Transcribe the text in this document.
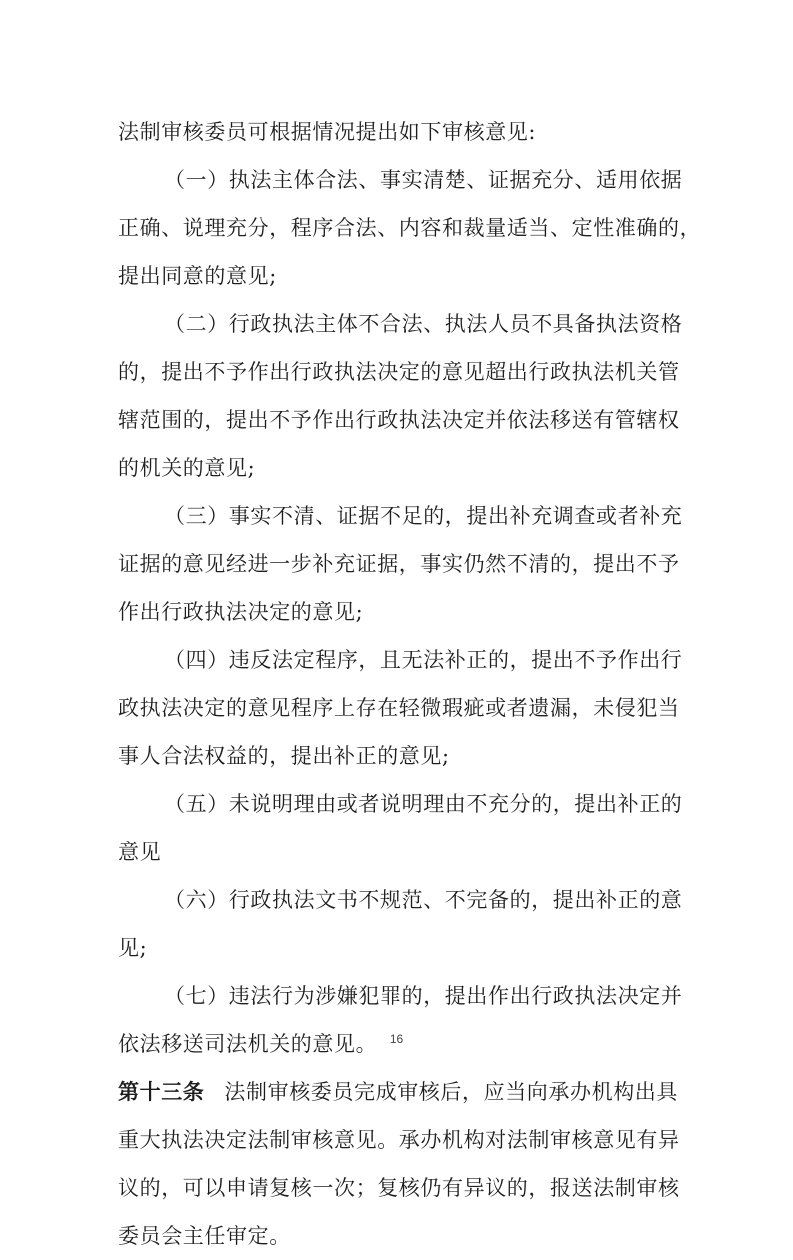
法制审核委员可根据情况提出如下审核意见:
（一）执法主体合法、事实清楚、证据充分、适用依据
正确、说理充分，程序合法、内容和裁量适当、定性准确的，
提出同意的意见;
（二）行政执法主体不合法、执法人员不具备执法资格
的，提出不予作出行政执法决定的意见超出行政执法机关管
辖范围的，提出不予作出行政执法决定并依法移送有管辖权
的机关的意见;
（三）事实不清、证据不足的，提出补充调查或者补充
证据的意见经进一步补充证据，事实仍然不清的，提出不予
作出行政执法决定的意见;
（四）违反法定程序，且无法补正的，提出不予作出行
政执法决定的意见程序上存在轻微瑕疵或者遗漏，未侵犯当
事人合法权益的，提出补正的意见;
（五）未说明理由或者说明理由不充分的，提出补正的
意见
（六）行政执法文书不规范、不完备的，提出补正的意
见;
（七）违法行为涉嫌犯罪的，提出作出行政执法决定并
依法移送司法机关的意见。
第十三条 法制审核委员完成审核后，应当向承办机构出具
重大执法决定法制审核意见。承办机构对法制审核意见有异
议的，可以申请复核一次；复核仍有异议的，报送法制审核
委员会主任审定。
16
